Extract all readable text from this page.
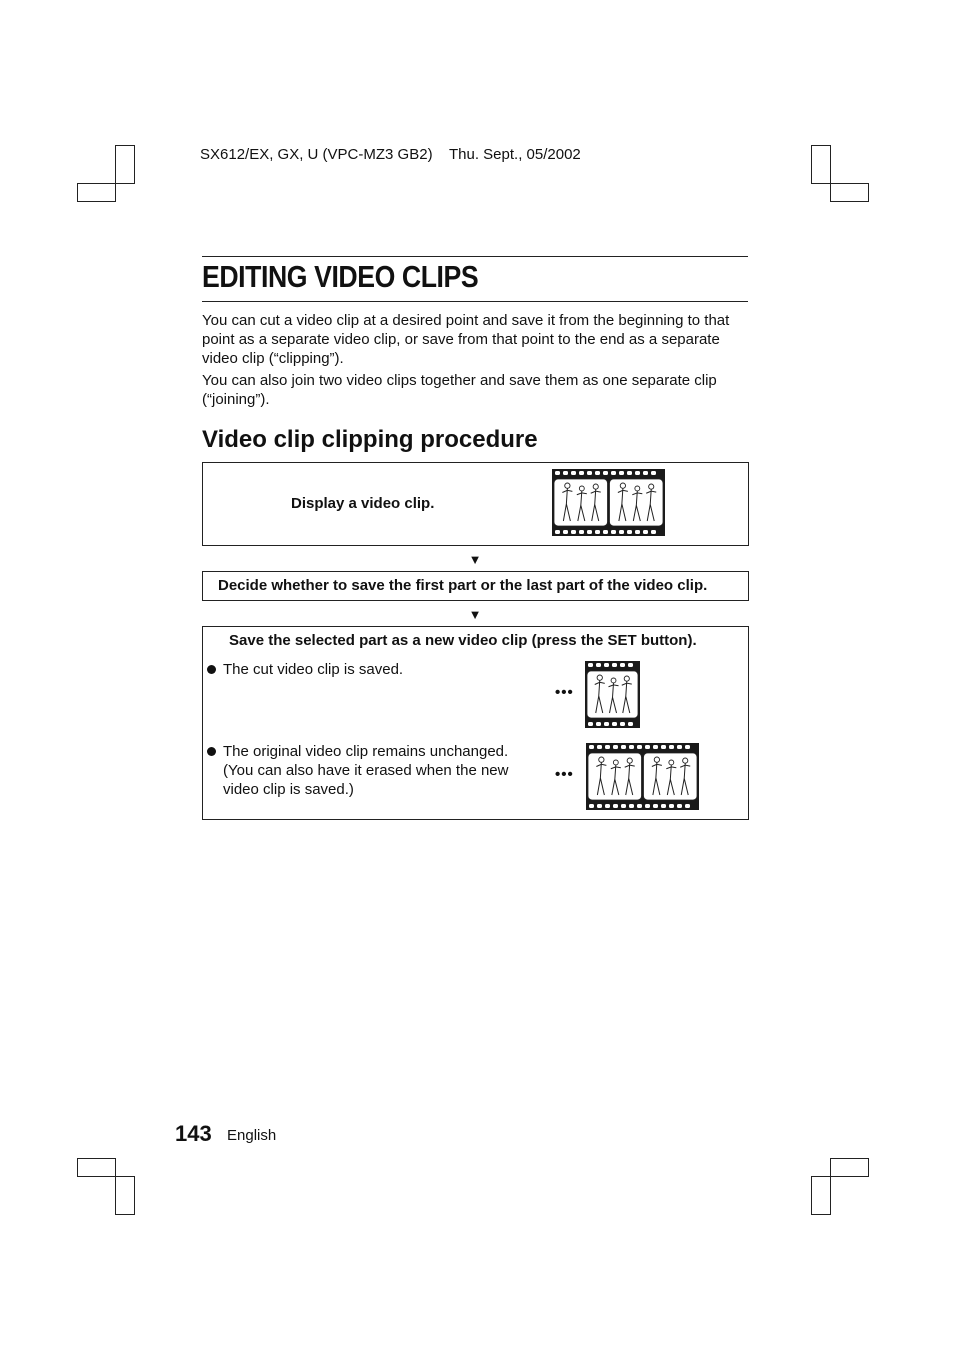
SX612/EX, GX, U (VPC-MZ3 GB2) Thu. Sept., 05/2002
EDITING VIDEO CLIPS

You can cut a video clip at a desired point and save it from the beginning to that point as a separate video clip, or save from that point to the end as a separate video clip (“clipping”).

You can also join two video clips together and save them as one separate clip (“joining”).

Video clip clipping procedure
Display a video clip.
▼
Decide whether to save the first part or the last part of the video clip.
▼
Save the selected part as a new video clip (press the SET button).
The cut video clip is saved.
•••
The original video clip remains unchanged. (You can also have it erased when the new video clip is saved.)
•••
143 English
